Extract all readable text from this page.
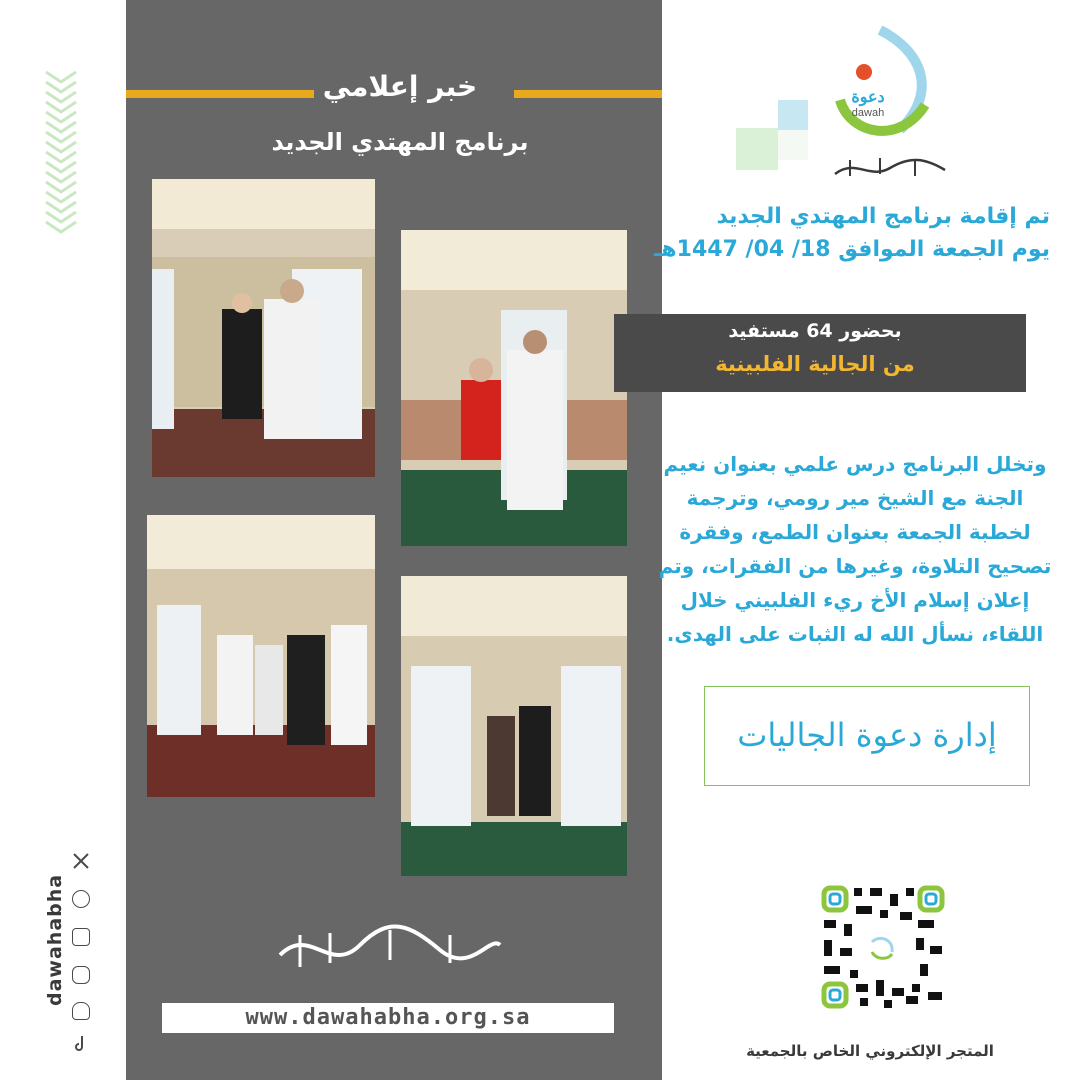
dawahabha
خبر إعلامي
برنامج المهتدي الجديد
www.dawahabha.org.sa
دعوة
dawah
تم إقامة برنامج المهتدي الجديد
يوم الجمعة الموافق 18/ 04/ 1447هـ
بحضور 64 مستفيد
من الجالية الفلبينية
وتخلل البرنامج درس علمي بعنوان نعيم
الجنة مع الشيخ مير رومي، وترجمة
لخطبة الجمعة بعنوان الطمع، وفقرة
تصحيح التلاوة، وغيرها من الفقرات، وتم
إعلان إسلام الأخ ريء الفلبيني خلال
اللقاء، نسأل الله له الثبات على الهدى.
إدارة دعوة الجاليات
المتجر الإلكتروني الخاص بالجمعية
